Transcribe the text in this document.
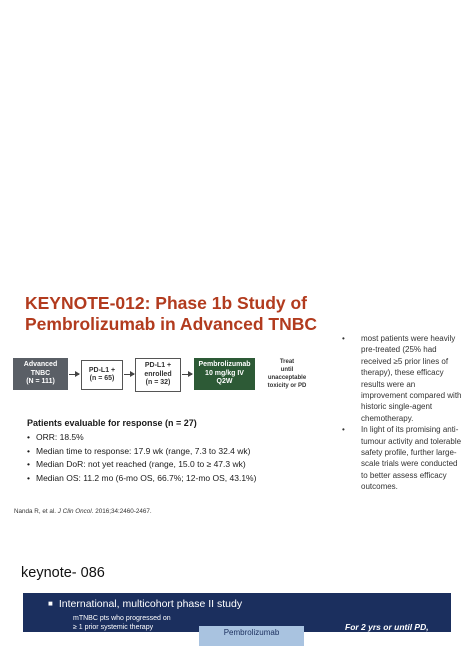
KEYNOTE-012: Phase 1b Study of Pembrolizumab in Advanced TNBC
Advanced
TNBC
(N = 111)
PD-L1 +
(n = 65)
PD-L1 +
enrolled
(n = 32)
Pembrolizumab
10 mg/kg IV
Q2W
Treat
until
unacceptable
toxicity or PD
Patients evaluable for response (n = 27)
• ORR: 18.5%
• Median time to response: 17.9 wk (range, 7.3 to 32.4 wk)
• Median DoR: not yet reached (range, 15.0 to ≥ 47.3 wk)
• Median OS: 11.2 mo (6-mo OS, 66.7%; 12-mo OS, 43.1%)
Nanda R, et al. J Clin Oncol. 2016;34:2460-2467.
• most patients were heavily pre-treated (25% had received ≥5 prior lines of therapy), these efficacy results were an improvement compared with historic single-agent chemotherapy.
• In light of its promising anti-tumour activity and tolerable safety profile, further large-scale trials were conducted to better assess efficacy outcomes.
keynote- 086
■ International, multicohort phase II study
mTNBC pts who progressed on
≥ 1 prior systemic therapy
Pembrolizumab
For 2 yrs or until PD,
